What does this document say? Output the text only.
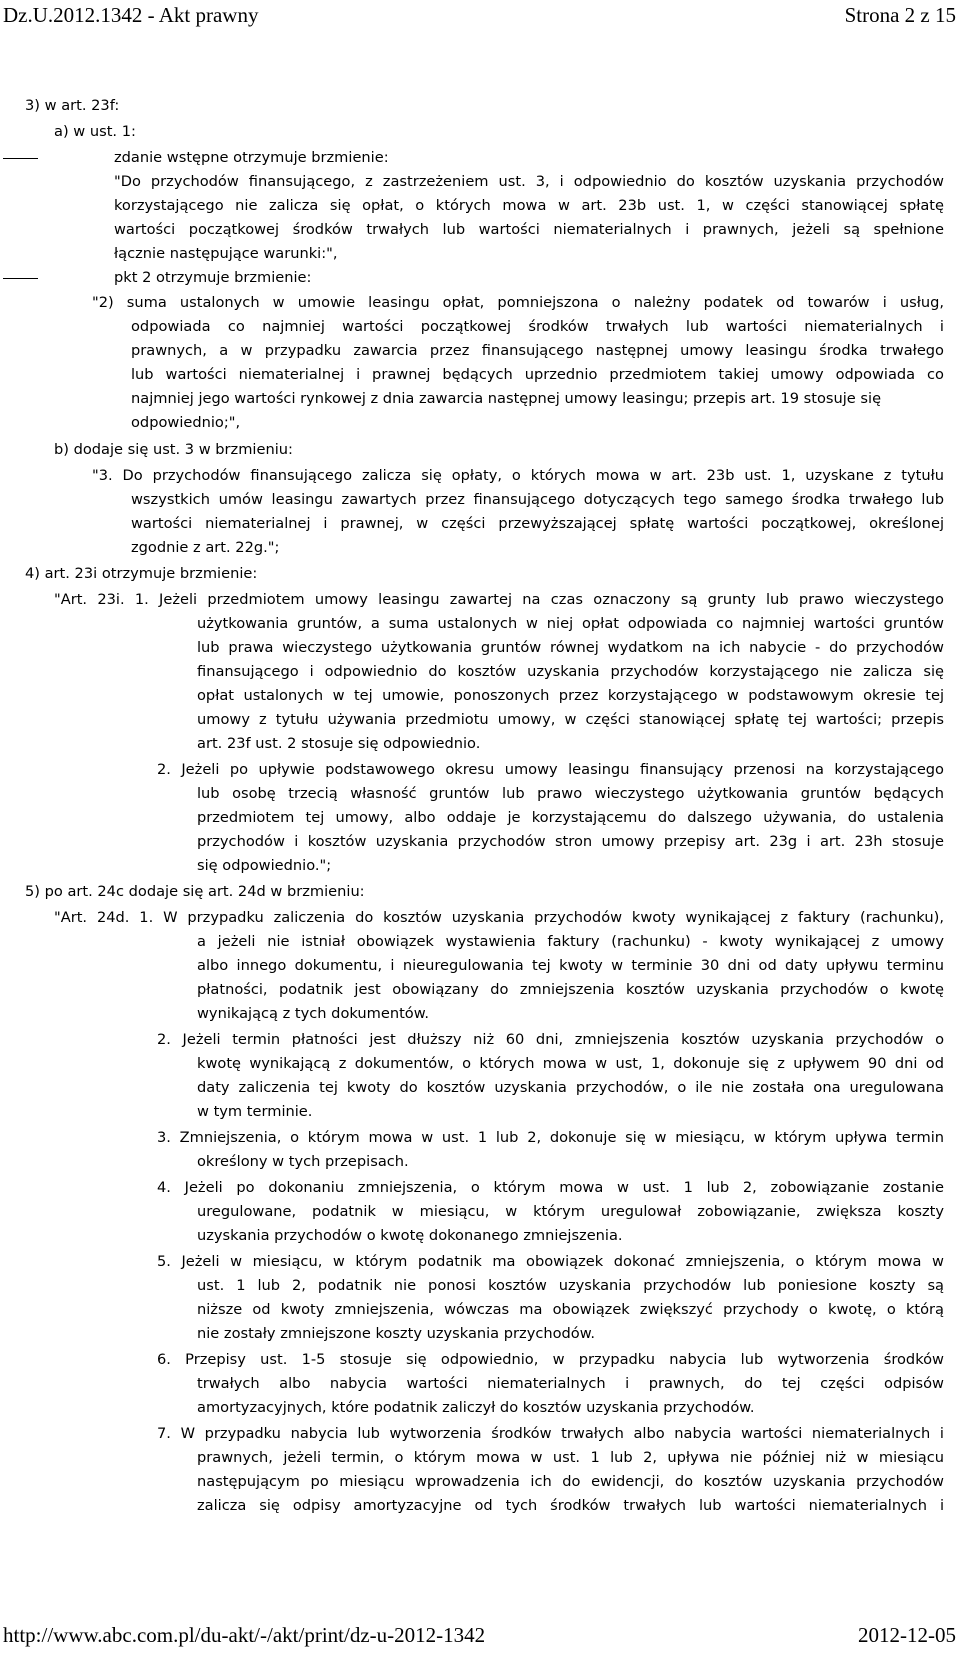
Dz.U.2012.1342 - Akt prawny	Strona 2 z 15
3) w art. 23f:
a) w ust. 1:
zdanie wstępne otrzymuje brzmienie:
"Do przychodów finansującego, z zastrzeżeniem ust. 3, i odpowiednio do kosztów uzyskania przychodów
korzystającego nie zalicza się opłat, o których mowa w art. 23b ust. 1, w części stanowiącej spłatę
wartości początkowej środków trwałych lub wartości niematerialnych i prawnych, jeżeli są spełnione
łącznie następujące warunki:",
pkt 2 otrzymuje brzmienie:
"2) suma ustalonych w umowie leasingu opłat, pomniejszona o należny podatek od towarów i usług,
odpowiada co najmniej wartości początkowej środków trwałych lub wartości niematerialnych i
prawnych, a w przypadku zawarcia przez finansującego następnej umowy leasingu środka trwałego
lub wartości niematerialnej i prawnej będących uprzednio przedmiotem takiej umowy odpowiada co
najmniej jego wartości rynkowej z dnia zawarcia następnej umowy leasingu; przepis art. 19 stosuje się
odpowiednio;",
b) dodaje się ust. 3 w brzmieniu:
"3. Do przychodów finansującego zalicza się opłaty, o których mowa w art. 23b ust. 1, uzyskane z tytułu
wszystkich umów leasingu zawartych przez finansującego dotyczących tego samego środka trwałego lub
wartości niematerialnej i prawnej, w części przewyższającej spłatę wartości początkowej, określonej
zgodnie z art. 22g.";
4) art. 23i otrzymuje brzmienie:
"Art. 23i. 1. Jeżeli przedmiotem umowy leasingu zawartej na czas oznaczony są grunty lub prawo wieczystego
użytkowania gruntów, a suma ustalonych w niej opłat odpowiada co najmniej wartości gruntów
lub prawa wieczystego użytkowania gruntów równej wydatkom na ich nabycie - do przychodów
finansującego i odpowiednio do kosztów uzyskania przychodów korzystającego nie zalicza się
opłat ustalonych w tej umowie, ponoszonych przez korzystającego w podstawowym okresie tej
umowy z tytułu używania przedmiotu umowy, w części stanowiącej spłatę tej wartości; przepis
art. 23f ust. 2 stosuje się odpowiednio.
2. Jeżeli po upływie podstawowego okresu umowy leasingu finansujący przenosi na korzystającego
lub osobę trzecią własność gruntów lub prawo wieczystego użytkowania gruntów będących
przedmiotem tej umowy, albo oddaje je korzystającemu do dalszego używania, do ustalenia
przychodów i kosztów uzyskania przychodów stron umowy przepisy art. 23g i art. 23h stosuje
się odpowiednio.";
5) po art. 24c dodaje się art. 24d w brzmieniu:
"Art. 24d. 1. W przypadku zaliczenia do kosztów uzyskania przychodów kwoty wynikającej z faktury (rachunku),
a jeżeli nie istniał obowiązek wystawienia faktury (rachunku) - kwoty wynikającej z umowy
albo innego dokumentu, i nieuregulowania tej kwoty w terminie 30 dni od daty upływu terminu
płatności, podatnik jest obowiązany do zmniejszenia kosztów uzyskania przychodów o kwotę
wynikającą z tych dokumentów.
2. Jeżeli termin płatności jest dłuższy niż 60 dni, zmniejszenia kosztów uzyskania przychodów o
kwotę wynikającą z dokumentów, o których mowa w ust, 1, dokonuje się z upływem 90 dni od
daty zaliczenia tej kwoty do kosztów uzyskania przychodów, o ile nie została ona uregulowana
w tym terminie.
3. Zmniejszenia, o którym mowa w ust. 1 lub 2, dokonuje się w miesiącu, w którym upływa termin
określony w tych przepisach.
4. Jeżeli po dokonaniu zmniejszenia, o którym mowa w ust. 1 lub 2, zobowiązanie zostanie
uregulowane, podatnik w miesiącu, w którym uregulował zobowiązanie, zwiększa koszty
uzyskania przychodów o kwotę dokonanego zmniejszenia.
5. Jeżeli w miesiącu, w którym podatnik ma obowiązek dokonać zmniejszenia, o którym mowa w
ust. 1 lub 2, podatnik nie ponosi kosztów uzyskania przychodów lub poniesione koszty są
niższe od kwoty zmniejszenia, wówczas ma obowiązek zwiększyć przychody o kwotę, o którą
nie zostały zmniejszone koszty uzyskania przychodów.
6. Przepisy ust. 1-5 stosuje się odpowiednio, w przypadku nabycia lub wytworzenia środków
trwałych albo nabycia wartości niematerialnych i prawnych, do tej części odpisów
amortyzacyjnych, które podatnik zaliczył do kosztów uzyskania przychodów.
7. W przypadku nabycia lub wytworzenia środków trwałych albo nabycia wartości niematerialnych i
prawnych, jeżeli termin, o którym mowa w ust. 1 lub 2, upływa nie później niż w miesiącu
następującym po miesiącu wprowadzenia ich do ewidencji, do kosztów uzyskania przychodów
zalicza się odpisy amortyzacyjne od tych środków trwałych lub wartości niematerialnych i
http://www.abc.com.pl/du-akt/-/akt/print/dz-u-2012-1342	2012-12-05
